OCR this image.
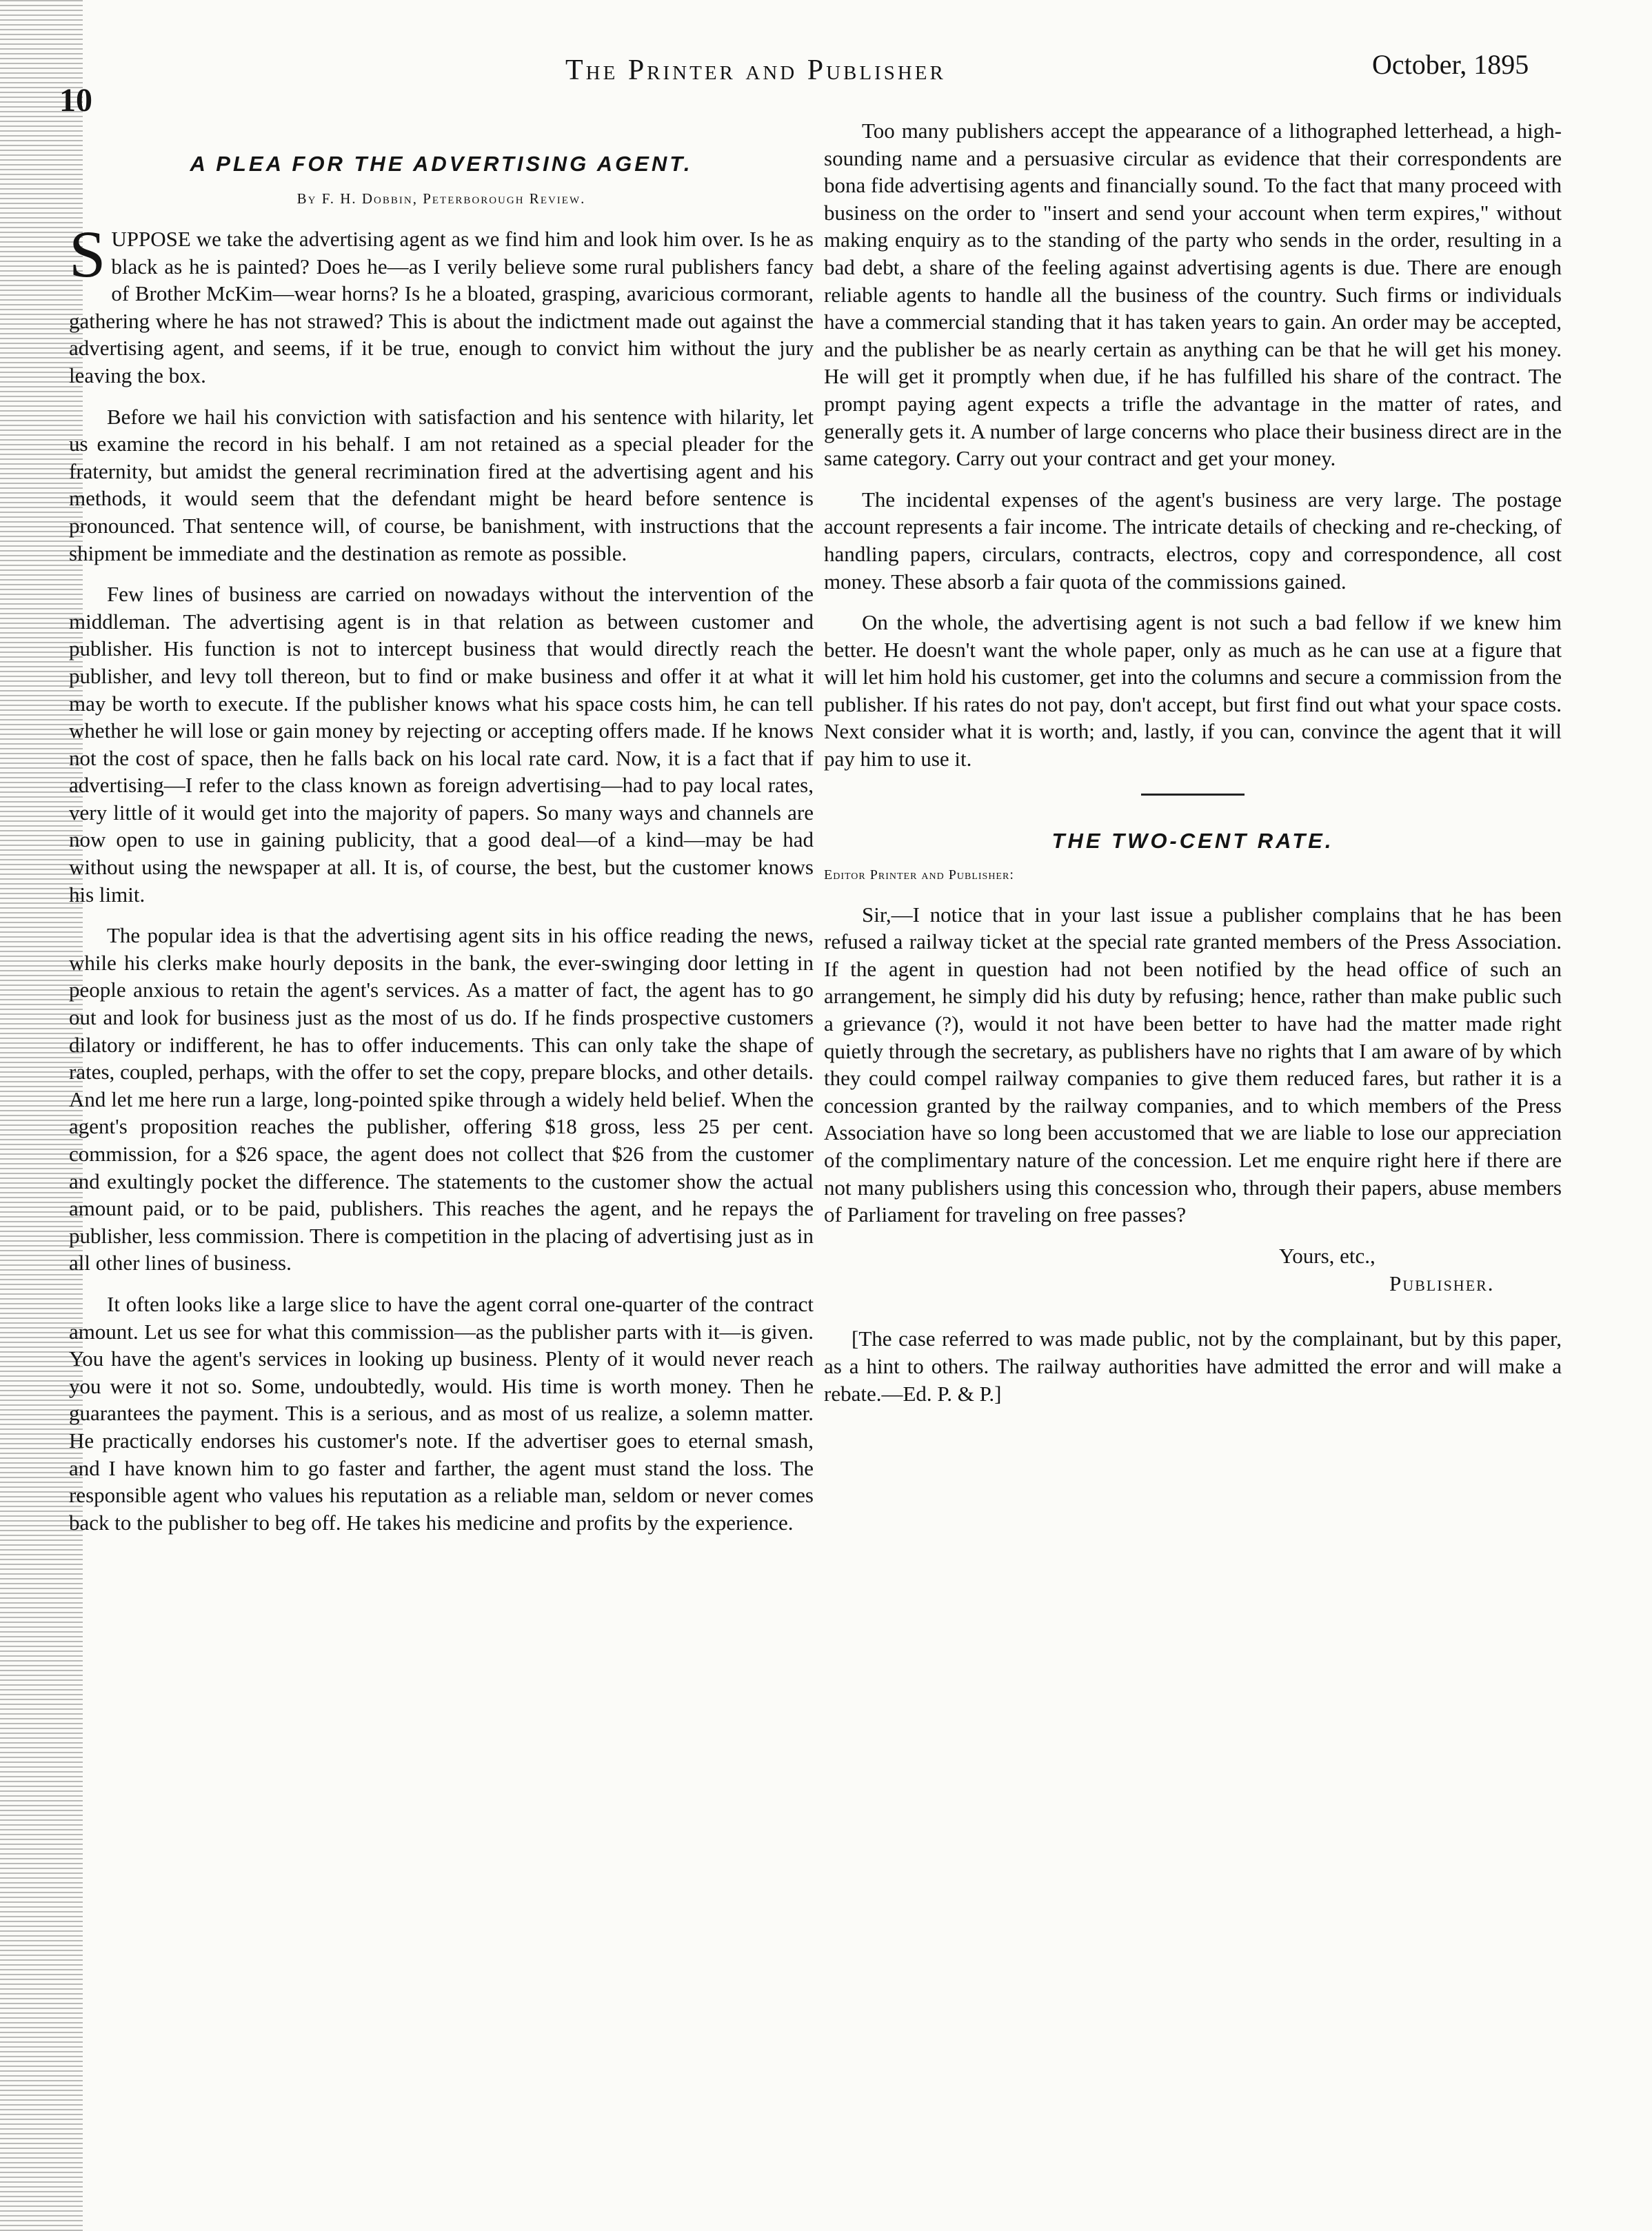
10
The Printer and Publisher	October, 1895
A PLEA FOR THE ADVERTISING AGENT.
By F. H. Dobbin, Peterborough Review.

SUPPOSE we take the advertising agent as we find him and look him over. Is he as black as he is painted? Does he—as I verily believe some rural publishers fancy of Brother McKim—wear horns? Is he a bloated, grasping, avaricious cormorant, gathering where he has not strawed? This is about the indictment made out against the advertising agent, and seems, if it be true, enough to convict him without the jury leaving the box.

Before we hail his conviction with satisfaction and his sentence with hilarity, let us examine the record in his behalf. I am not retained as a special pleader for the fraternity, but amidst the general recrimination fired at the advertising agent and his methods, it would seem that the defendant might be heard before sentence is pronounced. That sentence will, of course, be banishment, with instructions that the shipment be immediate and the destination as remote as possible.

Few lines of business are carried on nowadays without the intervention of the middleman. The advertising agent is in that relation as between customer and publisher. His function is not to intercept business that would directly reach the publisher, and levy toll thereon, but to find or make business and offer it at what it may be worth to execute. If the publisher knows what his space costs him, he can tell whether he will lose or gain money by rejecting or accepting offers made. If he knows not the cost of space, then he falls back on his local rate card. Now, it is a fact that if advertising—I refer to the class known as foreign advertising—had to pay local rates, very little of it would get into the majority of papers. So many ways and channels are now open to use in gaining publicity, that a good deal—of a kind—may be had without using the newspaper at all. It is, of course, the best, but the customer knows his limit.

The popular idea is that the advertising agent sits in his office reading the news, while his clerks make hourly deposits in the bank, the ever-swinging door letting in people anxious to retain the agent's services. As a matter of fact, the agent has to go out and look for business just as the most of us do. If he finds prospective customers dilatory or indifferent, he has to offer inducements. This can only take the shape of rates, coupled, perhaps, with the offer to set the copy, prepare blocks, and other details. And let me here run a large, long-pointed spike through a widely held belief. When the agent's proposition reaches the publisher, offering $18 gross, less 25 per cent. commission, for a $26 space, the agent does not collect that $26 from the customer and exultingly pocket the difference. The statements to the customer show the actual amount paid, or to be paid, publishers. This reaches the agent, and he repays the publisher, less commission. There is competition in the placing of advertising just as in all other lines of business.

It often looks like a large slice to have the agent corral one-quarter of the contract amount. Let us see for what this commission—as the publisher parts with it—is given. You have the agent's services in looking up business. Plenty of it would never reach you were it not so. Some, undoubtedly, would. His time is worth money. Then he guarantees the payment. This is a serious, and as most of us realize, a solemn matter. He practically endorses his customer's note. If the advertiser goes to eternal smash, and I have known him to go faster and farther, the agent must stand the loss. The responsible agent who values his reputation as a reliable man, seldom or never comes back to the publisher to beg off. He takes his medicine and profits by the experience.

Too many publishers accept the appearance of a lithographed letterhead, a high-sounding name and a persuasive circular as evidence that their correspondents are bona fide advertising agents and financially sound. To the fact that many proceed with business on the order to "insert and send your account when term expires," without making enquiry as to the standing of the party who sends in the order, resulting in a bad debt, a share of the feeling against advertising agents is due. There are enough reliable agents to handle all the business of the country. Such firms or individuals have a commercial standing that it has taken years to gain. An order may be accepted, and the publisher be as nearly certain as anything can be that he will get his money. He will get it promptly when due, if he has fulfilled his share of the contract. The prompt paying agent expects a trifle the advantage in the matter of rates, and generally gets it. A number of large concerns who place their business direct are in the same category. Carry out your contract and get your money.

The incidental expenses of the agent's business are very large. The postage account represents a fair income. The intricate details of checking and re-checking, of handling papers, circulars, contracts, electros, copy and correspondence, all cost money. These absorb a fair quota of the commissions gained.

On the whole, the advertising agent is not such a bad fellow if we knew him better. He doesn't want the whole paper, only as much as he can use at a figure that will let him hold his customer, get into the columns and secure a commission from the publisher. If his rates do not pay, don't accept, but first find out what your space costs. Next consider what it is worth; and, lastly, if you can, convince the agent that it will pay him to use it.

THE TWO-CENT RATE.
Editor Printer and Publisher:

Sir,—I notice that in your last issue a publisher complains that he has been refused a railway ticket at the special rate granted members of the Press Association. If the agent in question had not been notified by the head office of such an arrangement, he simply did his duty by refusing; hence, rather than make public such a grievance (?), would it not have been better to have had the matter made right quietly through the secretary, as publishers have no rights that I am aware of by which they could compel railway companies to give them reduced fares, but rather it is a concession granted by the railway companies, and to which members of the Press Association have so long been accustomed that we are liable to lose our appreciation of the complimentary nature of the concession. Let me enquire right here if there are not many publishers using this concession who, through their papers, abuse members of Parliament for traveling on free passes?

Yours, etc.,
Publisher.

[The case referred to was made public, not by the complainant, but by this paper, as a hint to others. The railway authorities have admitted the error and will make a rebate.—Ed. P. & P.]
